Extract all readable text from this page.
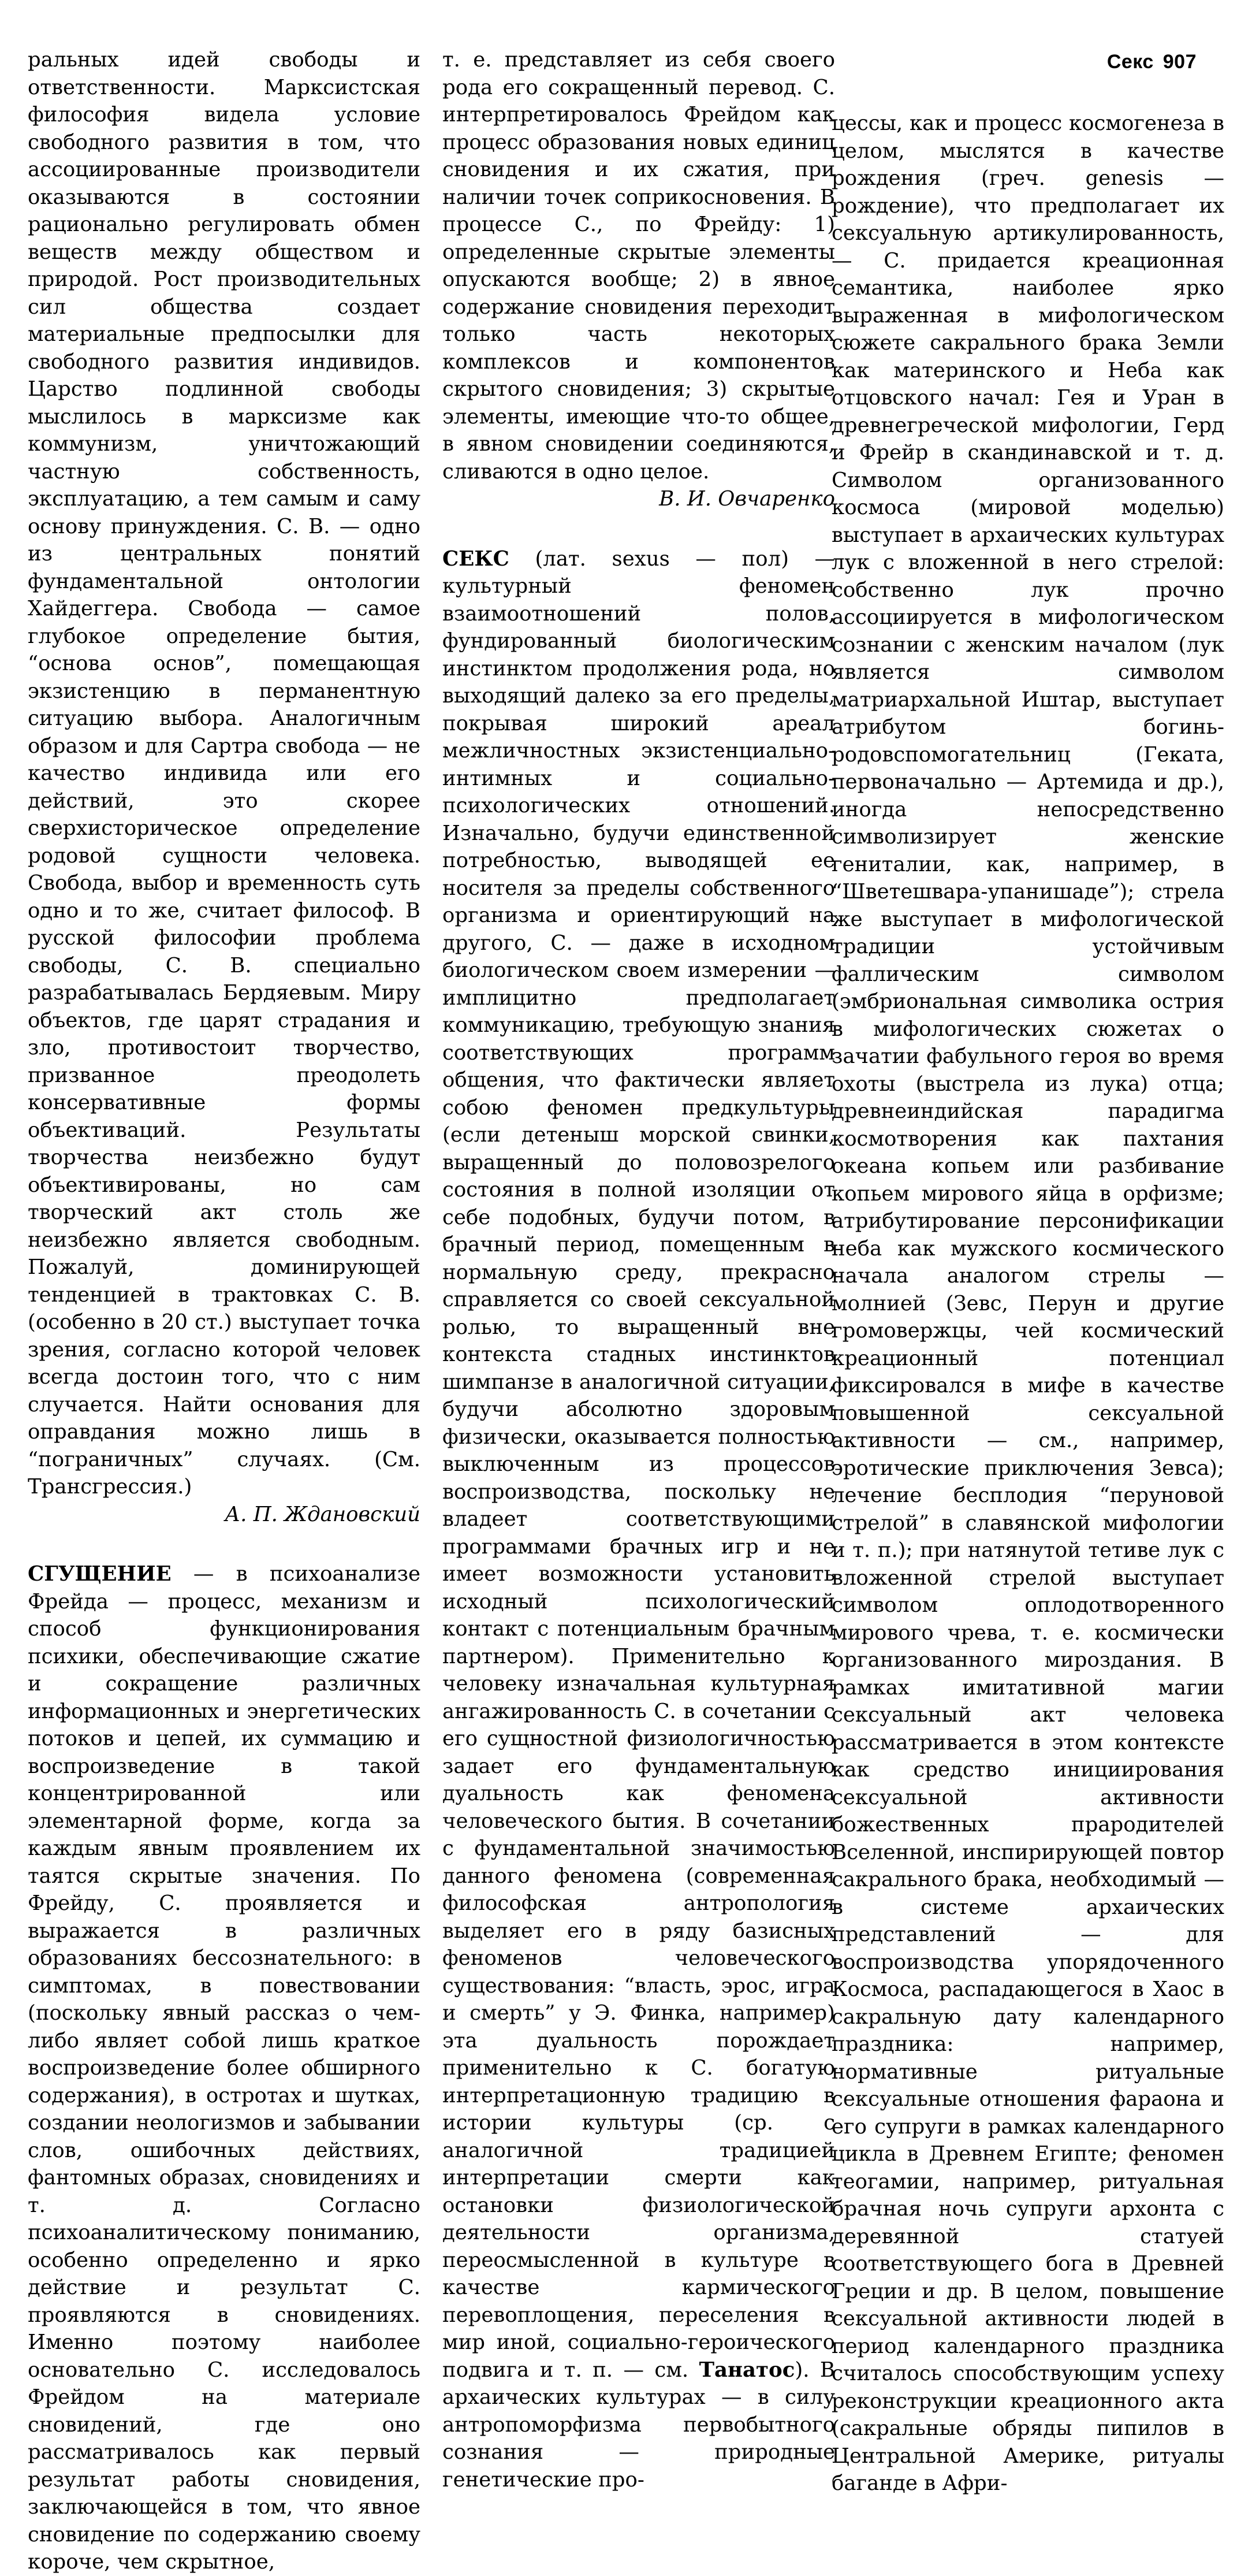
Секс 907

ральных идей свободы и ответственности. Марксистская философия видела условие свободного развития в том, что ассоциированные производители оказываются в состоянии рационально регулировать обмен веществ между обществом и природой. Рост производительных сил общества создает материальные предпосылки для свободного развития индивидов. Царство подлинной свободы мыслилось в марксизме как коммунизм, уничтожающий частную собственность, эксплуатацию, а тем самым и саму основу принуждения. С. В. — одно из центральных понятий фундаментальной онтологии Хайдеггера. Свобода — самое глубокое определение бытия, “основа основ”, помещающая экзистенцию в перманентную ситуацию выбора. Аналогичным образом и для Сартра свобода — не качество индивида или его действий, это скорее сверхисторическое определение родовой сущности человека. Свобода, выбор и временность суть одно и то же, считает философ. В русской философии проблема свободы, С. В. специально разрабатывалась Бердяевым. Миру объектов, где царят страдания и зло, противостоит творчество, призванное преодолеть консервативные формы объективаций. Результаты творчества неизбежно будут объективированы, но сам творческий акт столь же неизбежно является свободным. Пожалуй, доминирующей тенденцией в трактовках С. В. (особенно в 20 ст.) выступает точка зрения, согласно которой человек всегда достоин того, что с ним случается. Найти основания для оправдания можно лишь в “пограничных” случаях. (См. Трансгрессия.)

А. П. Ждановский

СГУЩЕНИЕ — в психоанализе Фрейда — процесс, механизм и способ функционирования психики, обеспечивающие сжатие и сокращение различных информационных и энергетических потоков и цепей, их суммацию и воспроизведение в такой концентрированной или элементарной форме, когда за каждым явным проявлением их таятся скрытые значения. По Фрейду, С. проявляется и выражается в различных образованиях бессознательного: в симптомах, в повествовании (поскольку явный рассказ о чем-либо являет собой лишь краткое воспроизведение более обширного содержания), в остротах и шутках, создании неологизмов и забывании слов, ошибочных действиях, фантомных образах, сновидениях и т. д. Согласно психоаналитическому пониманию, особенно определенно и ярко действие и результат С. проявляются в сновидениях. Именно поэтому наиболее основательно С. исследовалось Фрейдом на материале сновидений, где оно рассматривалось как первый результат работы сновидения, заключающейся в том, что явное сновидение по содержанию своему короче, чем скрытное,

т. е. представляет из себя своего рода его сокращенный перевод. С. интерпретировалось Фрейдом как процесс образования новых единиц сновидения и их сжатия, при наличии точек соприкосновения. В процессе С., по Фрейду: 1) определенные скрытые элементы опускаются вообще; 2) в явное содержание сновидения переходит только часть некоторых комплексов и компонентов скрытого сновидения; 3) скрытые элементы, имеющие что-то общее, в явном сновидении соединяются, сливаются в одно целое.

В. И. Овчаренко

СЕКС (лат. sexus — пол) — культурный феномен взаимоотношений полов, фундированный биологическим инстинктом продолжения рода, но выходящий далеко за его пределы, покрывая широкий ареал межличностных экзистенциально-интимных и социально-психологических отношений. Изначально, будучи единственной потребностью, выводящей ее носителя за пределы собственного организма и ориентирующий на другого, С. — даже в исходном биологическом своем измерении — имплицитно предполагает коммуникацию, требующую знания соответствующих программ общения, что фактически являет собою феномен предкультуры (если детеныш морской свинки, выращенный до половозрелого состояния в полной изоляции от себе подобных, будучи потом, в брачный период, помещенным в нормальную среду, прекрасно справляется со своей сексуальной ролью, то выращенный вне контекста стадных инстинктов шимпанзе в аналогичной ситуации, будучи абсолютно здоровым физически, оказывается полностью выключенным из процессов воспроизводства, поскольку не владеет соответствующими программами брачных игр и не имеет возможности установить исходный психологический контакт с потенциальным брачным партнером). Применительно к человеку изначальная культурная ангажированность С. в сочетании с его сущностной физиологичностью задает его фундаментальную дуальность как феномена человеческого бытия. В сочетании с фундаментальной значимостью данного феномена (современная философская антропология выделяет его в ряду базисных феноменов человеческого существования: “власть, эрос, игра и смерть” у Э. Финка, например) эта дуальность порождает применительно к С. богатую интерпретационную традицию в истории культуры (ср. с аналогичной традицией интерпретации смерти как остановки физиологической деятельности организма, переосмысленной в культуре в качестве кармического перевоплощения, переселения в мир иной, социально-героического подвига и т. п. — см. Танатос). В архаических культурах — в силу антропоморфизма первобытного сознания — природные генетические про-

цессы, как и процесс космогенеза в целом, мыслятся в качестве рождения (греч. genesis — рождение), что предполагает их сексуальную артикулированность, — С. придается креационная семантика, наиболее ярко выраженная в мифологическом сюжете сакрального брака Земли как материнского и Неба как отцовского начал: Гея и Уран в древнегреческой мифологии, Герд и Фрейр в скандинавской и т. д. Символом организованного космоса (мировой моделью) выступает в архаических культурах лук с вложенной в него стрелой: собственно лук прочно ассоциируется в мифологическом сознании с женским началом (лук является символом матриархальной Иштар, выступает атрибутом богинь-родовспомогательниц (Геката, первоначально — Артемида и др.), иногда непосредственно символизирует женские гениталии, как, например, в “Шветешвара-упанишаде”); стрела же выступает в мифологической традиции устойчивым фаллическим символом (эмбриональная символика острия в мифологических сюжетах о зачатии фабульного героя во время охоты (выстрела из лука) отца; древнеиндийская парадигма космотворения как пахтания океана копьем или разбивание копьем мирового яйца в орфизме; атрибутирование персонификации неба как мужского космического начала аналогом стрелы — молнией (Зевс, Перун и другие громовержцы, чей космический креационный потенциал фиксировался в мифе в качестве повышенной сексуальной активности — см., например, эротические приключения Зевса); лечение бесплодия “перуновой стрелой” в славянской мифологии и т. п.); при натянутой тетиве лук с вложенной стрелой выступает символом оплодотворенного мирового чрева, т. е. космически организованного мироздания. В рамках имитативной магии сексуальный акт человека рассматривается в этом контексте как средство инициирования сексуальной активности божественных прародителей Вселенной, инспирирующей повтор сакрального брака, необходимый — в системе архаических представлений — для воспроизводства упорядоченного Космоса, распадающегося в Хаос в сакральную дату календарного праздника: например, нормативные ритуальные сексуальные отношения фараона и его супруги в рамках календарного цикла в Древнем Египте; феномен теогамии, например, ритуальная брачная ночь супруги архонта с деревянной статуей соответствующего бога в Древней Греции и др. В целом, повышение сексуальной активности людей в период календарного праздника считалось способствующим успеху реконструкции креационного акта (сакральные обряды пипилов в Центральной Америке, ритуалы баганде в Афри-
